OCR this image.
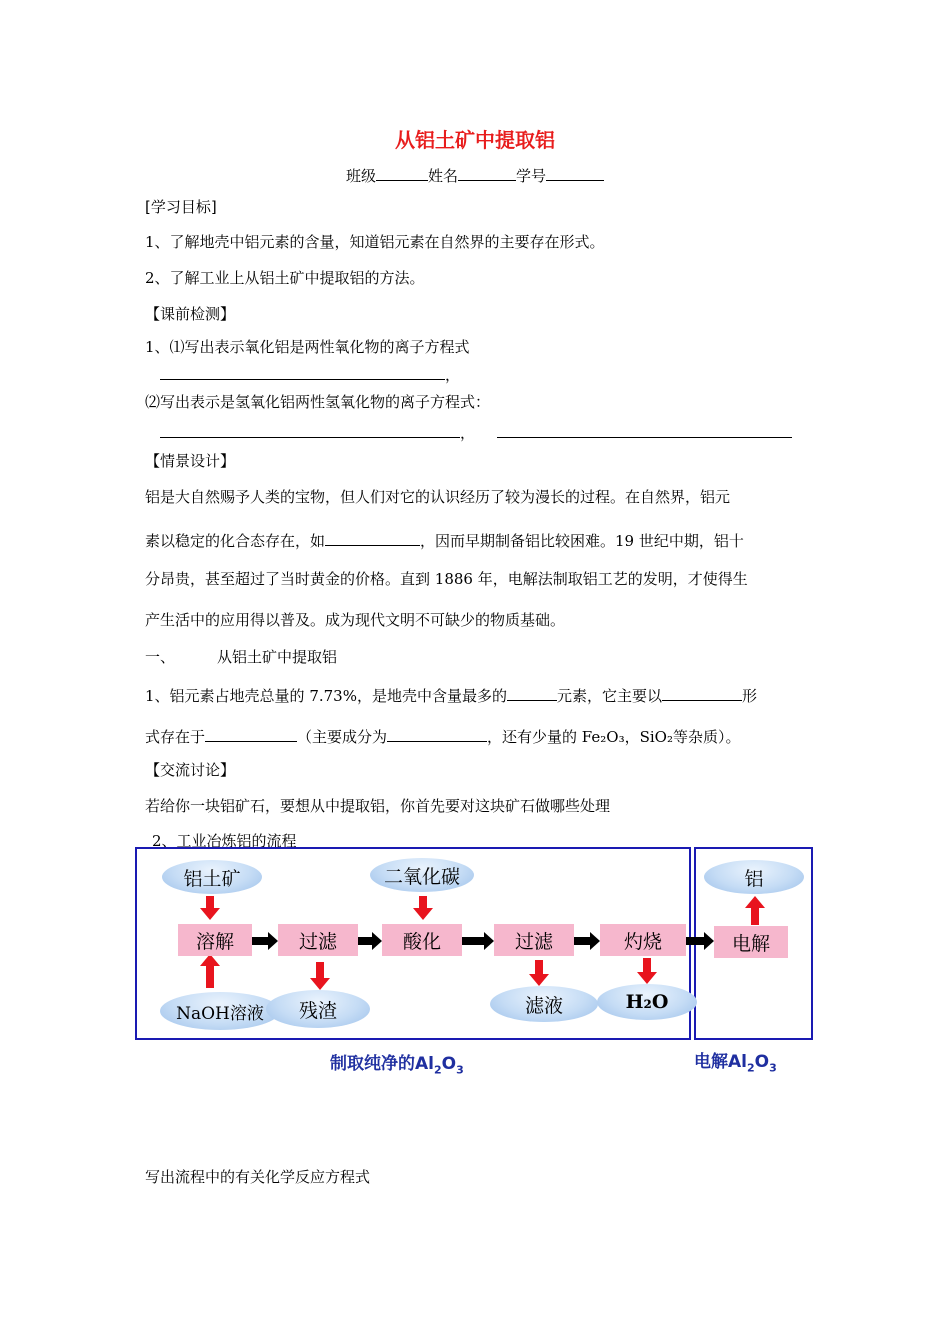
从铝土矿中提取铝
班级	姓名	学号
[学习目标]
1、了解地壳中铝元素的含量，知道铝元素在自然界的主要存在形式。
2、了解工业上从铝土矿中提取铝的方法。
【课前检测】
1、⑴写出表示氧化铝是两性氧化物的离子方程式
，
⑵写出表示是氢氧化铝两性氢氧化物的离子方程式：
，
【情景设计】
铝是大自然赐予人类的宝物，但人们对它的认识经历了较为漫长的过程。在自然界，铝元
素以稳定的化合态存在，如	，因而早期制备铝比较困难。19 世纪中期，铝十
分昂贵，甚至超过了当时黄金的价格。直到 1886 年，电解法制取铝工艺的发明，才使得生
产生活中的应用得以普及。成为现代文明不可缺少的物质基础。
一、	从铝土矿中提取铝
1、铝元素占地壳总量的 7.73%，是地壳中含量最多的	元素，它主要以	形
式存在于	（主要成分为	，还有少量的 Fe₂O₃，SiO₂等杂质）。
【交流讨论】
若给你一块铝矿石，要想从中提取铝，你首先要对这块矿石做哪些处理
2、工业冶炼铝的流程
铝土矿	二氧化碳	铝
溶解	过滤	酸化	过滤	灼烧	电解
NaOH溶液	残渣	滤液	H₂O
制取纯净的$Al_2O_3$	电解$Al_2O_3$
写出流程中的有关化学反应方程式
